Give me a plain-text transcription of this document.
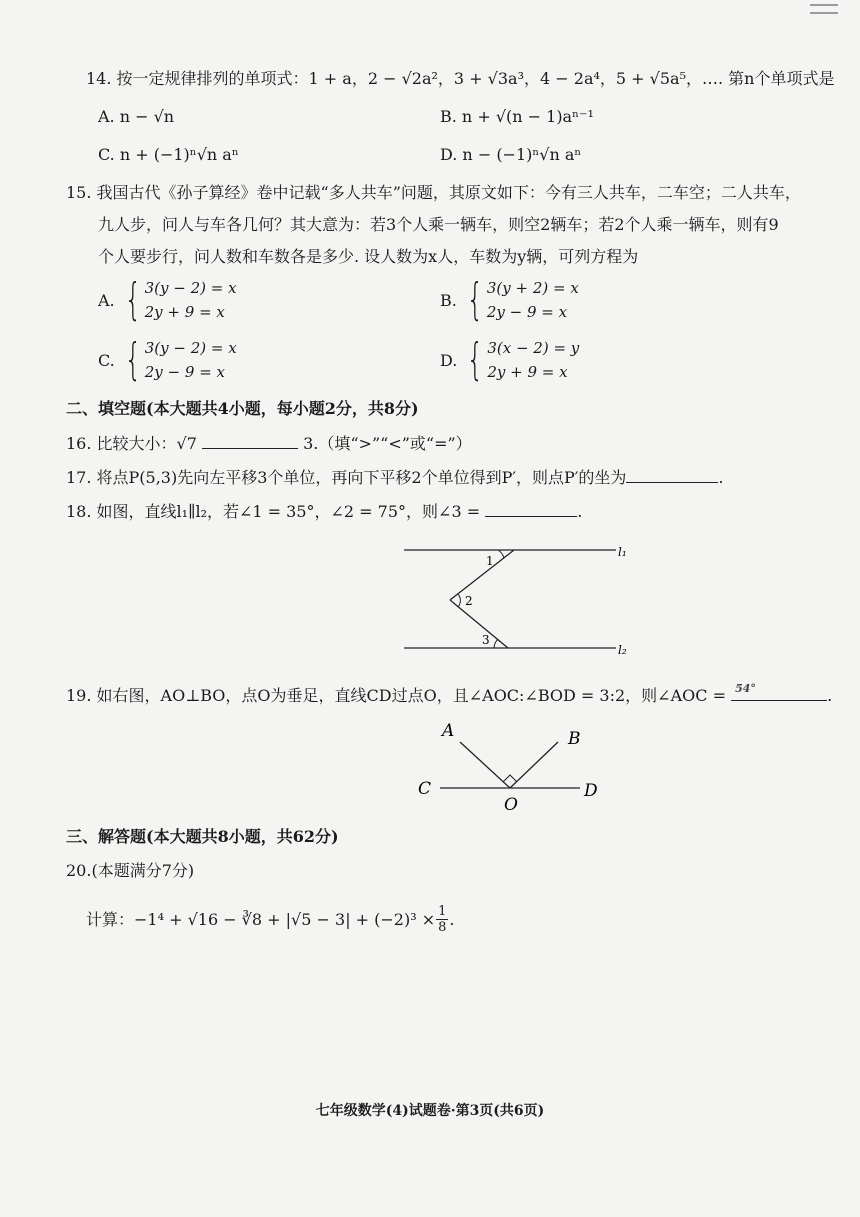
14. 按一定规律排列的单项式：1 + a，2 − √2a²，3 + √3a³，4 − 2a⁴，5 + √5a⁵，…. 第n个单项式是
A. n − √n	B. n + √(n − 1)aⁿ⁻¹
C. n + (−1)ⁿ√n aⁿ	D. n − (−1)ⁿ√n aⁿ
15. 我国古代《孙子算经》卷中记载“多人共车”问题，其原文如下：今有三人共车，二车空；二人共车，
九人步，问人与车各几何？其大意为：若3个人乘一辆车，则空2辆车；若2个人乘一辆车，则有9
个人要步行，问人数和车数各是多少. 设人数为x人，车数为y辆，可列方程为
A. { 3(y − 2) = x
2y + 9 = x
B. { 3(y + 2) = x
2y − 9 = x
C. { 3(y − 2) = x
2y − 9 = x
D. { 3(x − 2) = y
2y + 9 = x
二、填空题(本大题共4小题，每小题2分，共8分)
16. 比较大小：√7	3.（填“>”“<”或“=”）
17. 将点P(5,3)先向左平移3个单位，再向下平移2个单位得到P′，则点P′的坐为	.
18. 如图，直线l₁∥l₂，若∠1 = 35°，∠2 = 75°，则∠3 =	.
1
2
3
l₁
l₂
19. 如右图，AO⊥BO，点O为垂足，直线CD过点O，且∠AOC:∠BOD = 3:2，则∠AOC = 54°	.
A	B
C	D
O
三、解答题(本大题共8小题，共62分)
20.(本题满分7分)
计算：−1⁴ + √16 − ∛8 + $|√5 - 3| + (-2)^3 \times \frac{1}{8}$ .
七年级数学(4)试题卷·第3页(共6页)
